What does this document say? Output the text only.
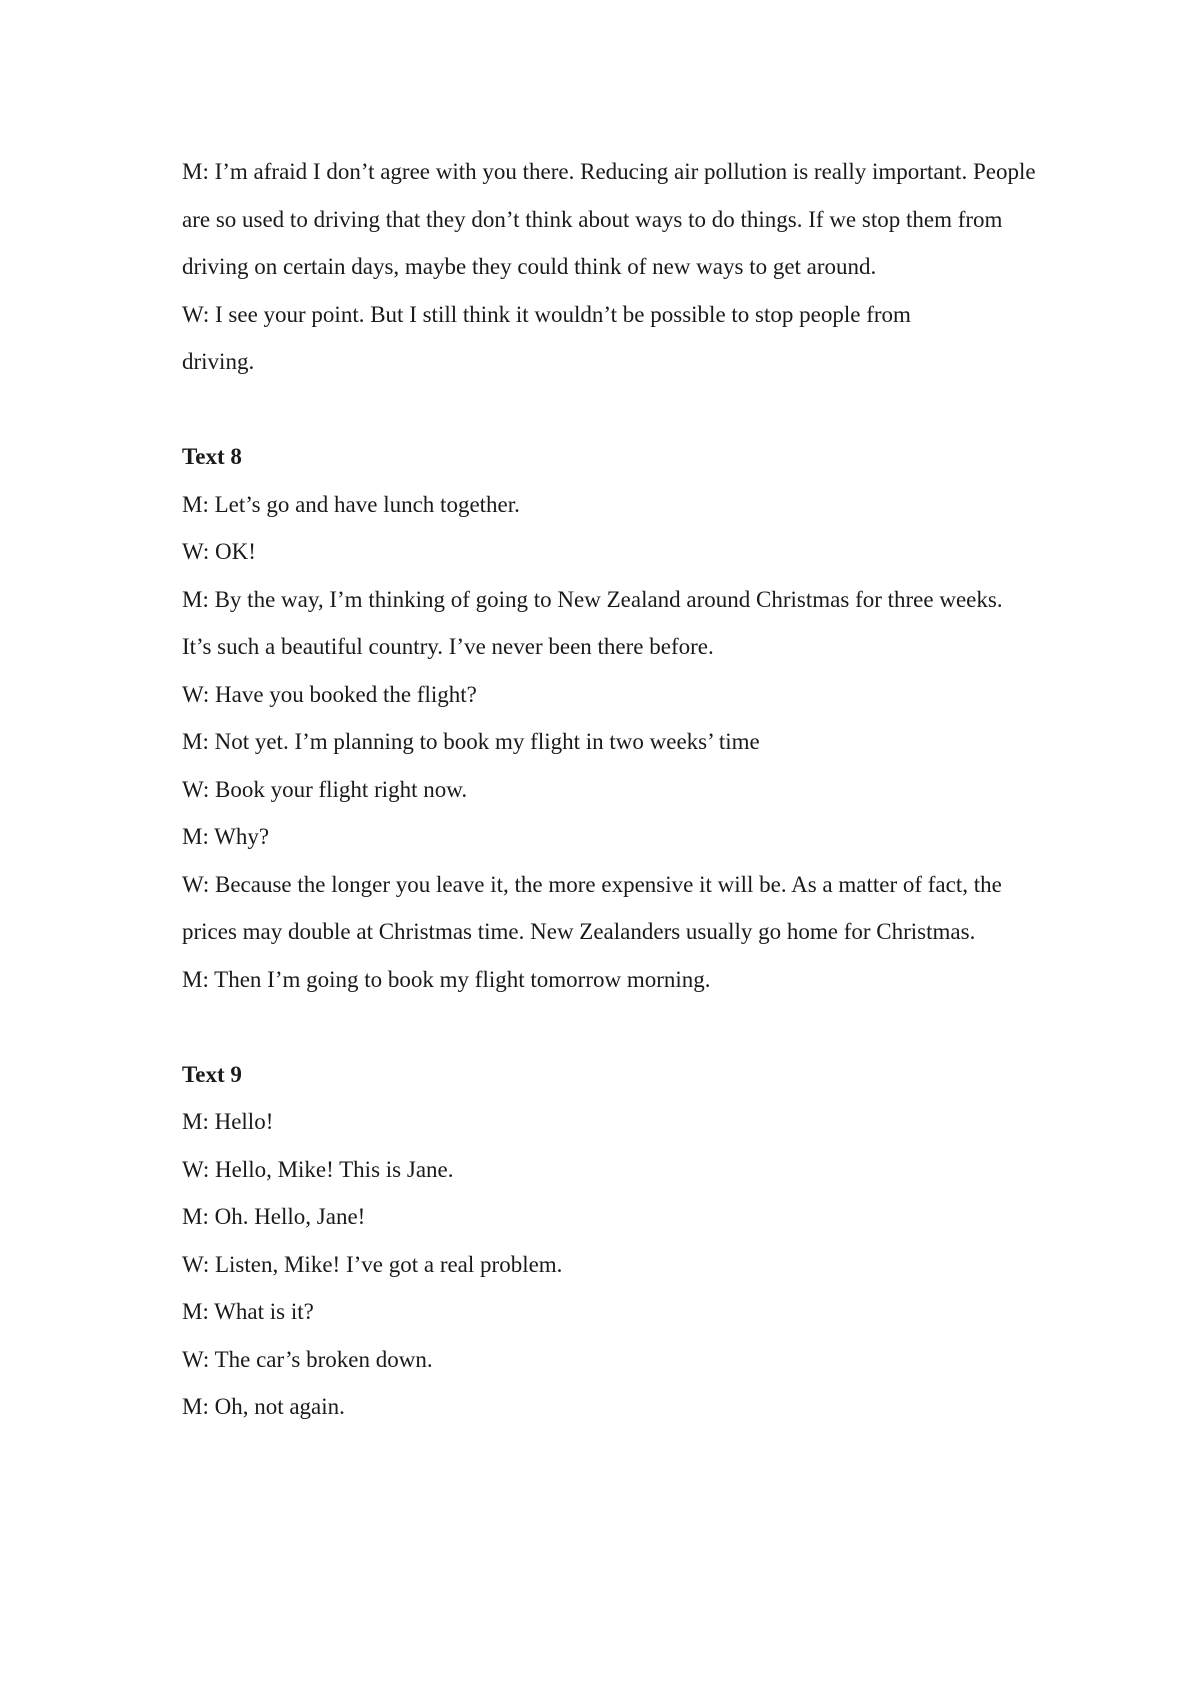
M: I’m afraid I don’t agree with you there. Reducing air pollution is really important. People are so used to driving that they don’t think about ways to do things. If we stop them from driving on certain days, maybe they could think of new ways to get around.

W: I see your point. But I still think it wouldn’t be possible to stop people from driving.

Text 8

M: Let’s go and have lunch together.

W: OK!

M: By the way, I’m thinking of going to New Zealand around Christmas for three weeks. It’s such a beautiful country. I’ve never been there before.

W: Have you booked the flight?

M: Not yet. I’m planning to book my flight in two weeks’ time

W: Book your flight right now.

M: Why?

W: Because the longer you leave it, the more expensive it will be. As a matter of fact, the prices may double at Christmas time. New Zealanders usually go home for Christmas.

M: Then I’m going to book my flight tomorrow morning.

Text 9

M: Hello!

W: Hello, Mike! This is Jane.

M: Oh. Hello, Jane!

W: Listen, Mike! I’ve got a real problem.

M: What is it?

W: The car’s broken down.

M: Oh, not again.
